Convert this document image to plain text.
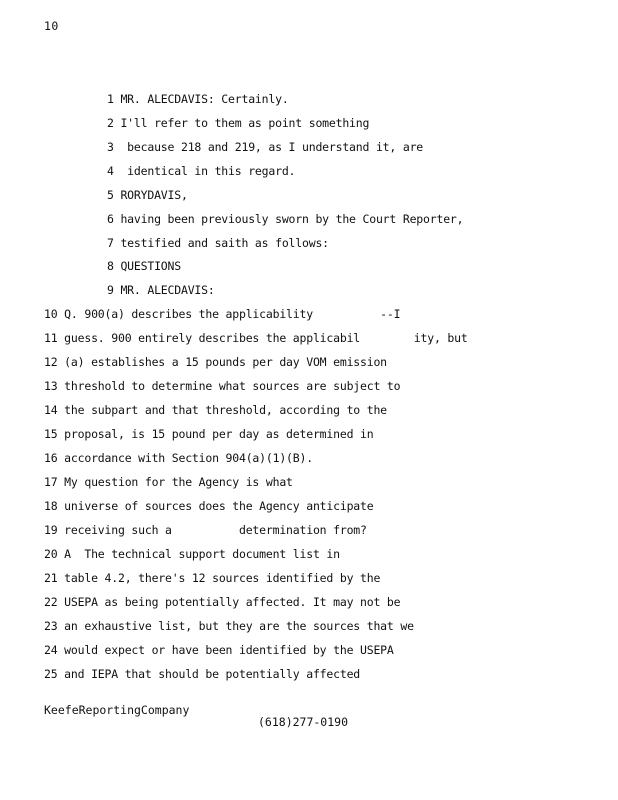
10
1 MR. ALECDAVIS: Certainly.
2 I'll refer to them as point something
3  because 218 and 219, as I understand it, are
4  identical in this regard.
5 RORYDAVIS,
6 having been previously sworn by the Court Reporter,
7 testified and saith as follows:
8 QUESTIONS
9 MR. ALECDAVIS:
10 Q. 900(a) describes the applicability          --I
11 guess. 900 entirely describes the applicabil        ity, but
12 (a) establishes a 15 pounds per day VOM emission
13 threshold to determine what sources are subject to
14 the subpart and that threshold, according to the
15 proposal, is 15 pound per day as determined in
16 accordance with Section 904(a)(1)(B).
17 My question for the Agency is what
18 universe of sources does the Agency anticipate
19 receiving such a          determination from?
20 A  The technical support document list in
21 table 4.2, there's 12 sources identified by the
22 USEPA as being potentially affected. It may not be
23 an exhaustive list, but they are the sources that we
24 would expect or have been identified by the USEPA
25 and IEPA that should be potentially affected
KeefeReportingCompany
(618)277-0190
